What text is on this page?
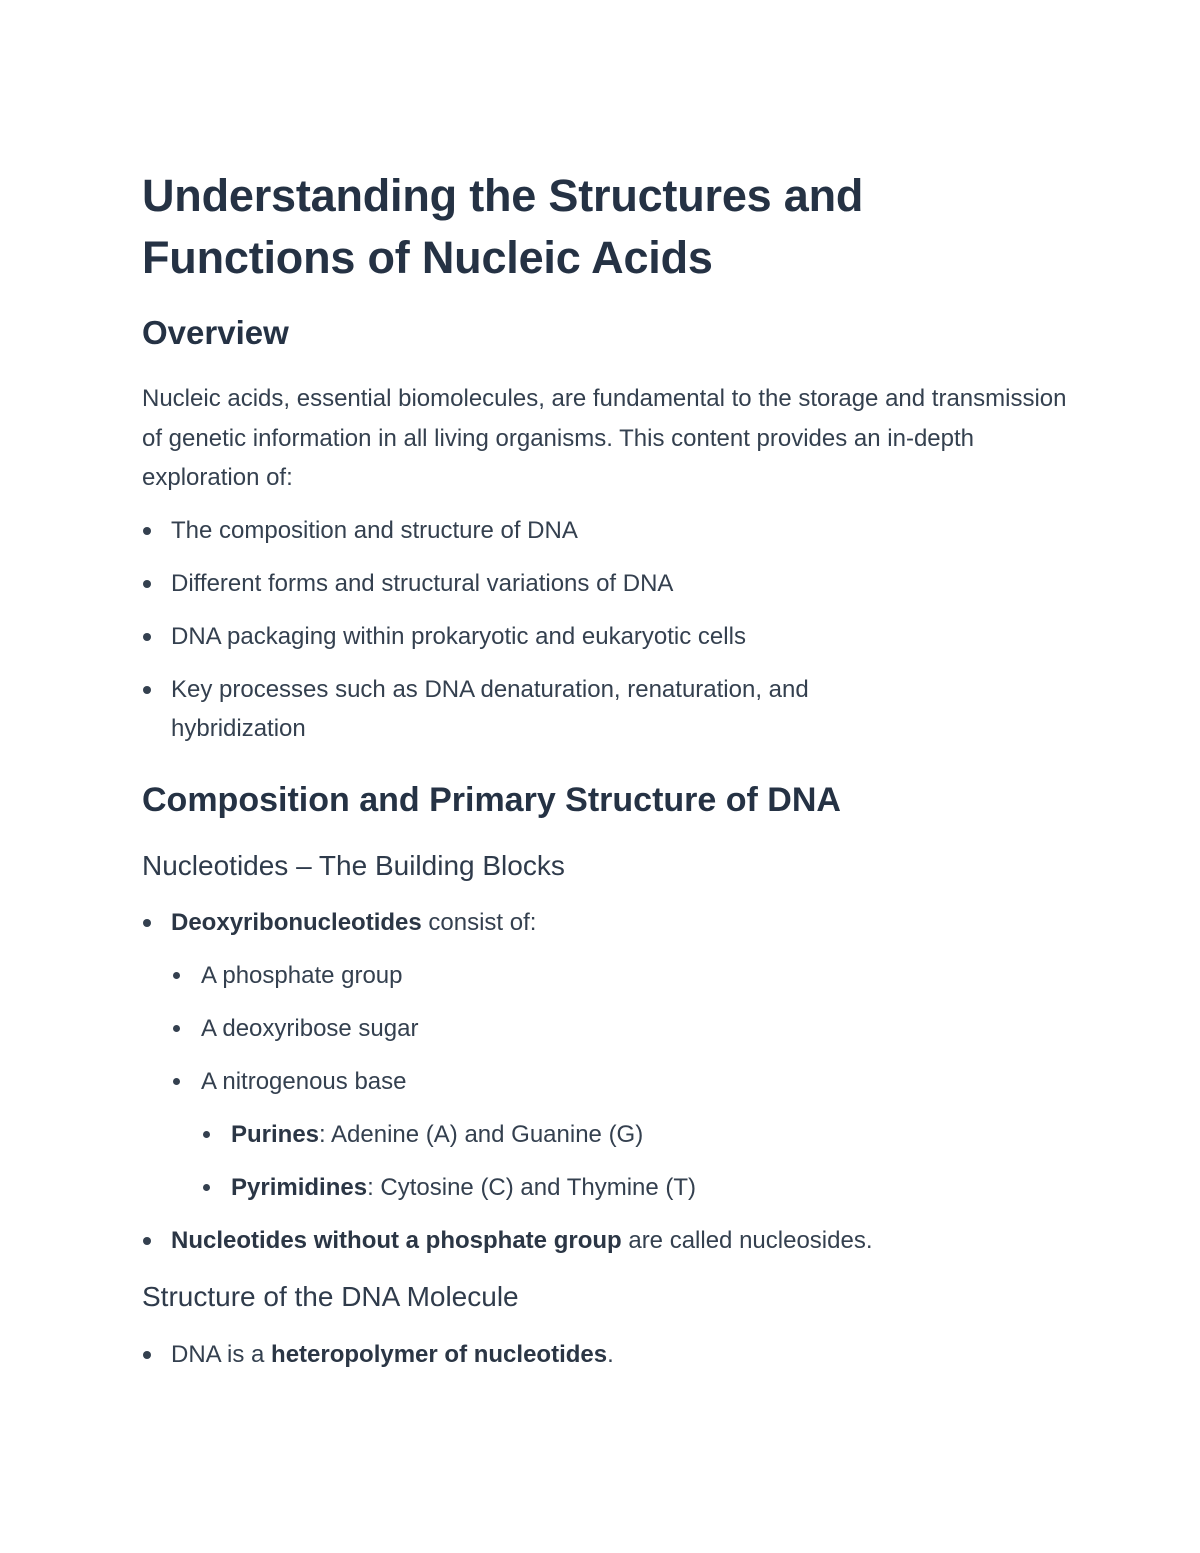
Understanding the Structures and Functions of Nucleic Acids
Overview

Nucleic acids, essential biomolecules, are fundamental to the storage and transmission of genetic information in all living organisms. This content provides an in-depth exploration of:

The composition and structure of DNA
Different forms and structural variations of DNA
DNA packaging within prokaryotic and eukaryotic cells
Key processes such as DNA denaturation, renaturation, and hybridization
Composition and Primary Structure of DNA
Nucleotides – The Building Blocks
Deoxyribonucleotides consist of:
A phosphate group
A deoxyribose sugar
A nitrogenous base
Purines: Adenine (A) and Guanine (G)
Pyrimidines: Cytosine (C) and Thymine (T)
Nucleotides without a phosphate group are called nucleosides.
Structure of the DNA Molecule
DNA is a heteropolymer of nucleotides.
